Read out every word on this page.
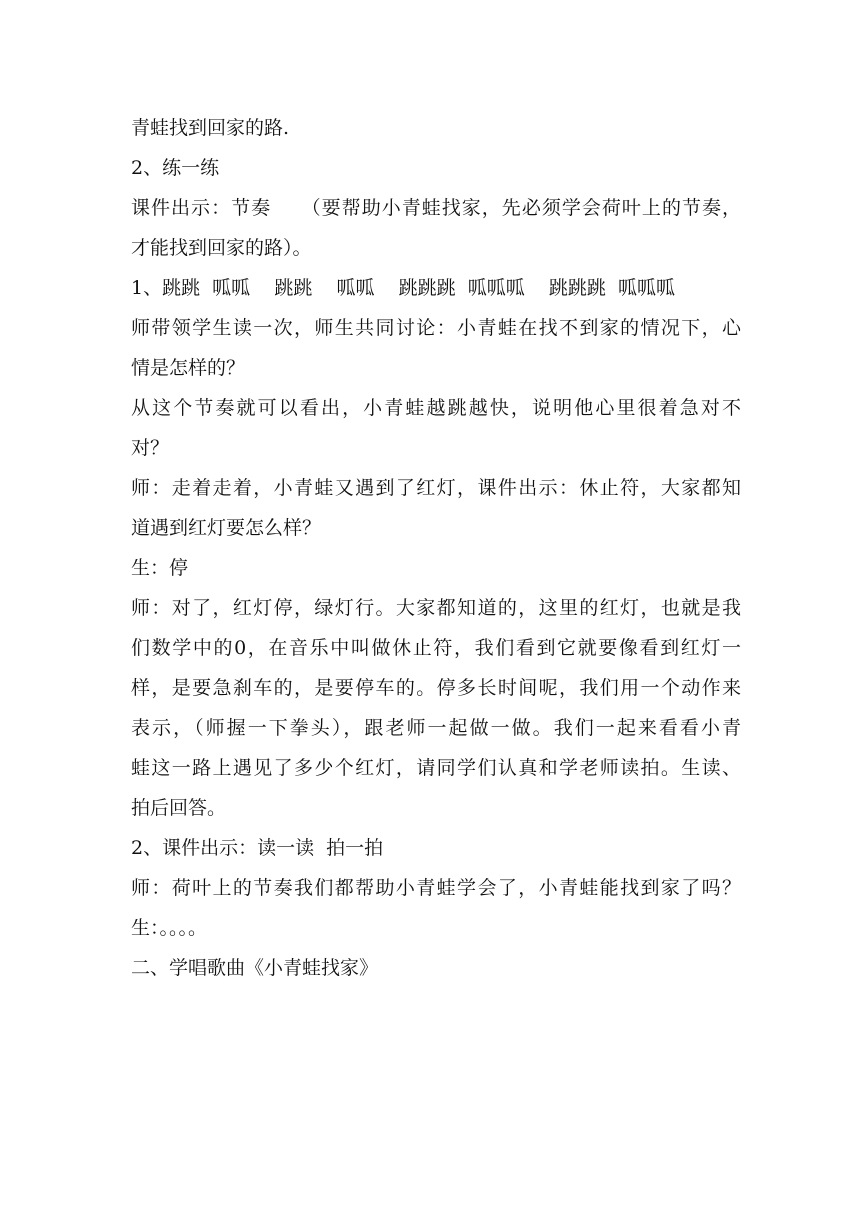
青蛙找到回家的路.
2、练一练
课件出示：节奏　　（要帮助小青蛙找家，先必须学会荷叶上的节奏，
才能找到回家的路）。
1、跳跳  呱呱    跳跳    呱呱    跳跳跳  呱呱呱    跳跳跳  呱呱呱
师带领学生读一次，师生共同讨论：小青蛙在找不到家的情况下，心
情是怎样的？
从这个节奏就可以看出，小青蛙越跳越快，说明他心里很着急对不
对？
师：走着走着，小青蛙又遇到了红灯，课件出示：休止符，大家都知
道遇到红灯要怎么样？
生：停
师：对了，红灯停，绿灯行。大家都知道的，这里的红灯，也就是我
们数学中的0，在音乐中叫做休止符，我们看到它就要像看到红灯一
样，是要急刹车的，是要停车的。停多长时间呢，我们用一个动作来
表示，（师握一下拳头），跟老师一起做一做。我们一起来看看小青
蛙这一路上遇见了多少个红灯，请同学们认真和学老师读拍。生读、
拍后回答。
2、课件出示：读一读  拍一拍
师：荷叶上的节奏我们都帮助小青蛙学会了，小青蛙能找到家了吗？
生：。。。。
二、学唱歌曲《小青蛙找家》
